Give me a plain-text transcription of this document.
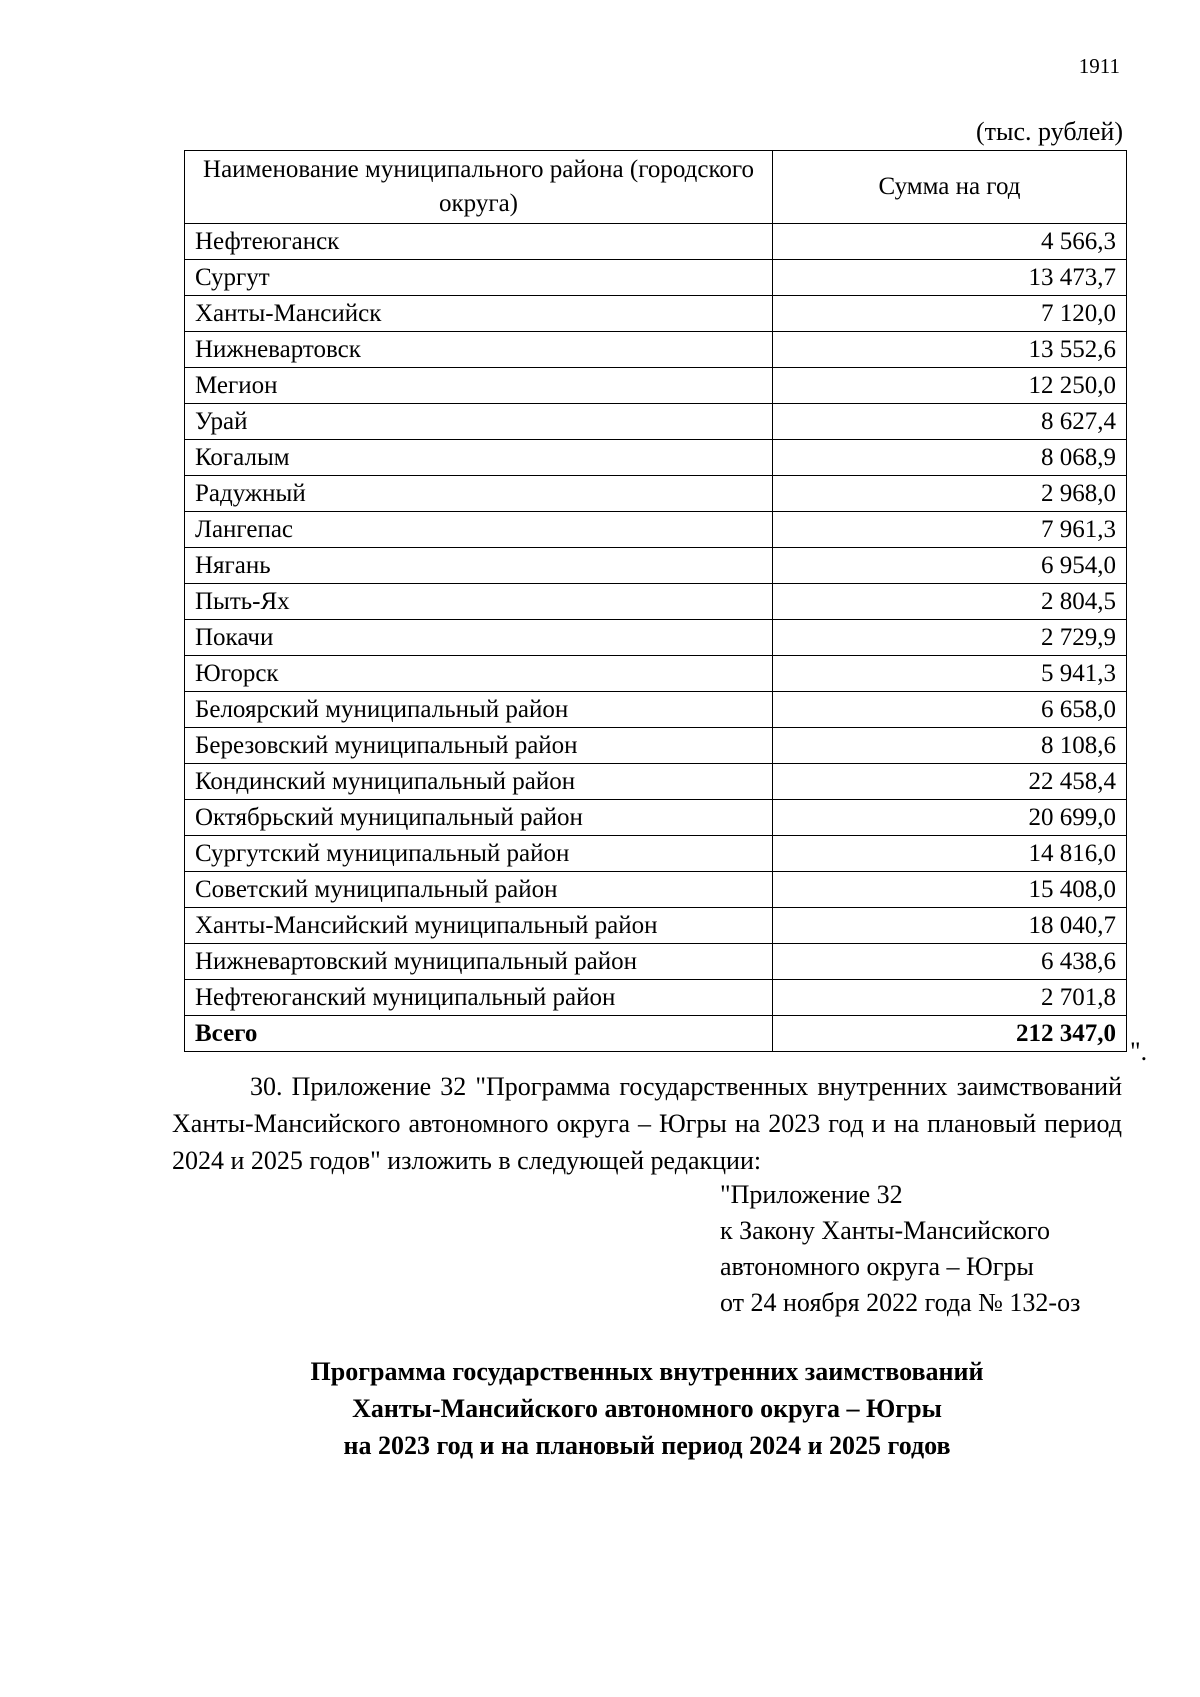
1911
(тыс. рублей)
Наименование муниципального района (городского округа)	Сумма на год
Нефтеюганск	4 566,3
Сургут	13 473,7
Ханты-Мансийск	7 120,0
Нижневартовск	13 552,6
Мегион	12 250,0
Урай	8 627,4
Когалым	8 068,9
Радужный	2 968,0
Лангепас	7 961,3
Нягань	6 954,0
Пыть-Ях	2 804,5
Покачи	2 729,9
Югорск	5 941,3
Белоярский муниципальный район	6 658,0
Березовский муниципальный район	8 108,6
Кондинский муниципальный район	22 458,4
Октябрьский муниципальный район	20 699,0
Сургутский муниципальный район	14 816,0
Советский муниципальный район	15 408,0
Ханты-Мансийский муниципальный район	18 040,7
Нижневартовский муниципальный район	6 438,6
Нефтеюганский муниципальный район	2 701,8
Всего	212 347,0
".
30. Приложение 32 "Программа государственных внутренних заимствований Ханты-Мансийского автономного округа – Югры на 2023 год и на плановый период 2024 и 2025 годов" изложить в следующей редакции:
"Приложение 32
к Закону Ханты-Мансийского
автономного округа – Югры
от 24 ноября 2022 года № 132-оз
Программа государственных внутренних заимствований
Ханты-Мансийского автономного округа – Югры
на 2023 год и на плановый период 2024 и 2025 годов
